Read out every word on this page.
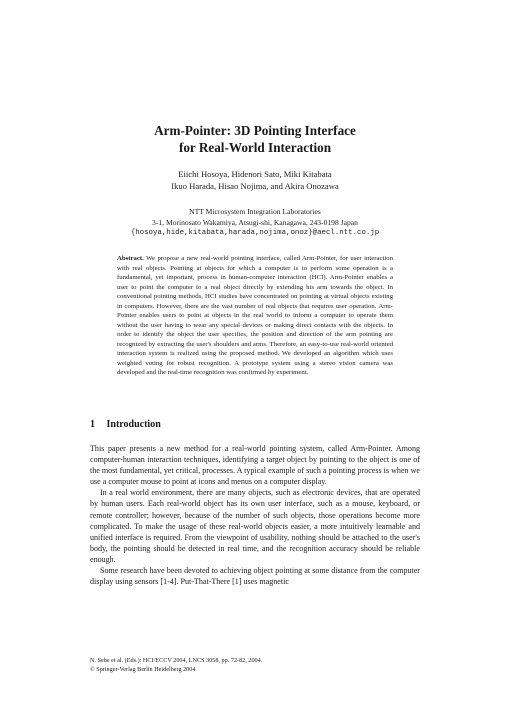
Arm-Pointer: 3D Pointing Interface
for Real-World Interaction
Eiichi Hosoya, Hidenori Sato, Miki Kitabata
Ikuo Harada, Hisao Nojima, and Akira Onozawa
NTT Microsystem Integration Laboratories
3-1, Morinosato Wakamiya, Atsugi-shi, Kanagawa, 243-0198 Japan
{hosoya,hide,kitabata,harada,nojima,onoz}@aecl.ntt.co.jp
Abstract. We propose a new real-world pointing interface, called Arm-Pointer, for user interaction with real objects. Pointing at objects for which a computer is to perform some operation is a fundamental, yet important, process in human-computer interaction (HCI). Arm-Pointer enables a user to point the computer to a real object directly by extending his arm towards the object. In conventional pointing methods, HCI studies have concentrated on pointing at virtual objects existing in computers. However, there are the vast number of real objects that requires user operation. Arm-Pointer enables users to point at objects in the real world to inform a computer to operate them without the user having to wear any special devices or making direct contacts with the objects. In order to identify the object the user specifies, the position and direction of the arm pointing are recognized by extracting the user's shoulders and arms. Therefore, an easy-to-use real-world oriented interaction system is realized using the proposed method. We developed an algorithm which uses weighted voting for robust recognition. A prototype system using a stereo vision camera was developed and the real-time recognition was confirmed by experiment.
1 Introduction

This paper presents a new method for a real-world pointing system, called Arm-Pointer. Among computer-human interaction techniques, identifying a target object by pointing to the object is one of the most fundamental, yet critical, processes. A typical example of such a pointing process is when we use a computer mouse to point at icons and menus on a computer display.

In a real world environment, there are many objects, such as electronic devices, that are operated by human users. Each real-world object has its own user interface, such as a mouse, keyboard, or remote controller; however, because of the number of such objects, those operations become more complicated. To make the usage of these real-world objects easier, a more intuitively learnable and unified interface is required. From the viewpoint of usability, nothing should be attached to the user's body, the pointing should be detected in real time, and the recognition accuracy should be reliable enough.

Some research have been devoted to achieving object pointing at some distance from the computer display using sensors [1-4]. Put-That-There [1] uses magnetic

N. Sebe et al. (Eds.): HCI/ECCV 2004, LNCS 3058, pp. 72-82, 2004.
© Springer-Verlag Berlin Heidelberg 2004
